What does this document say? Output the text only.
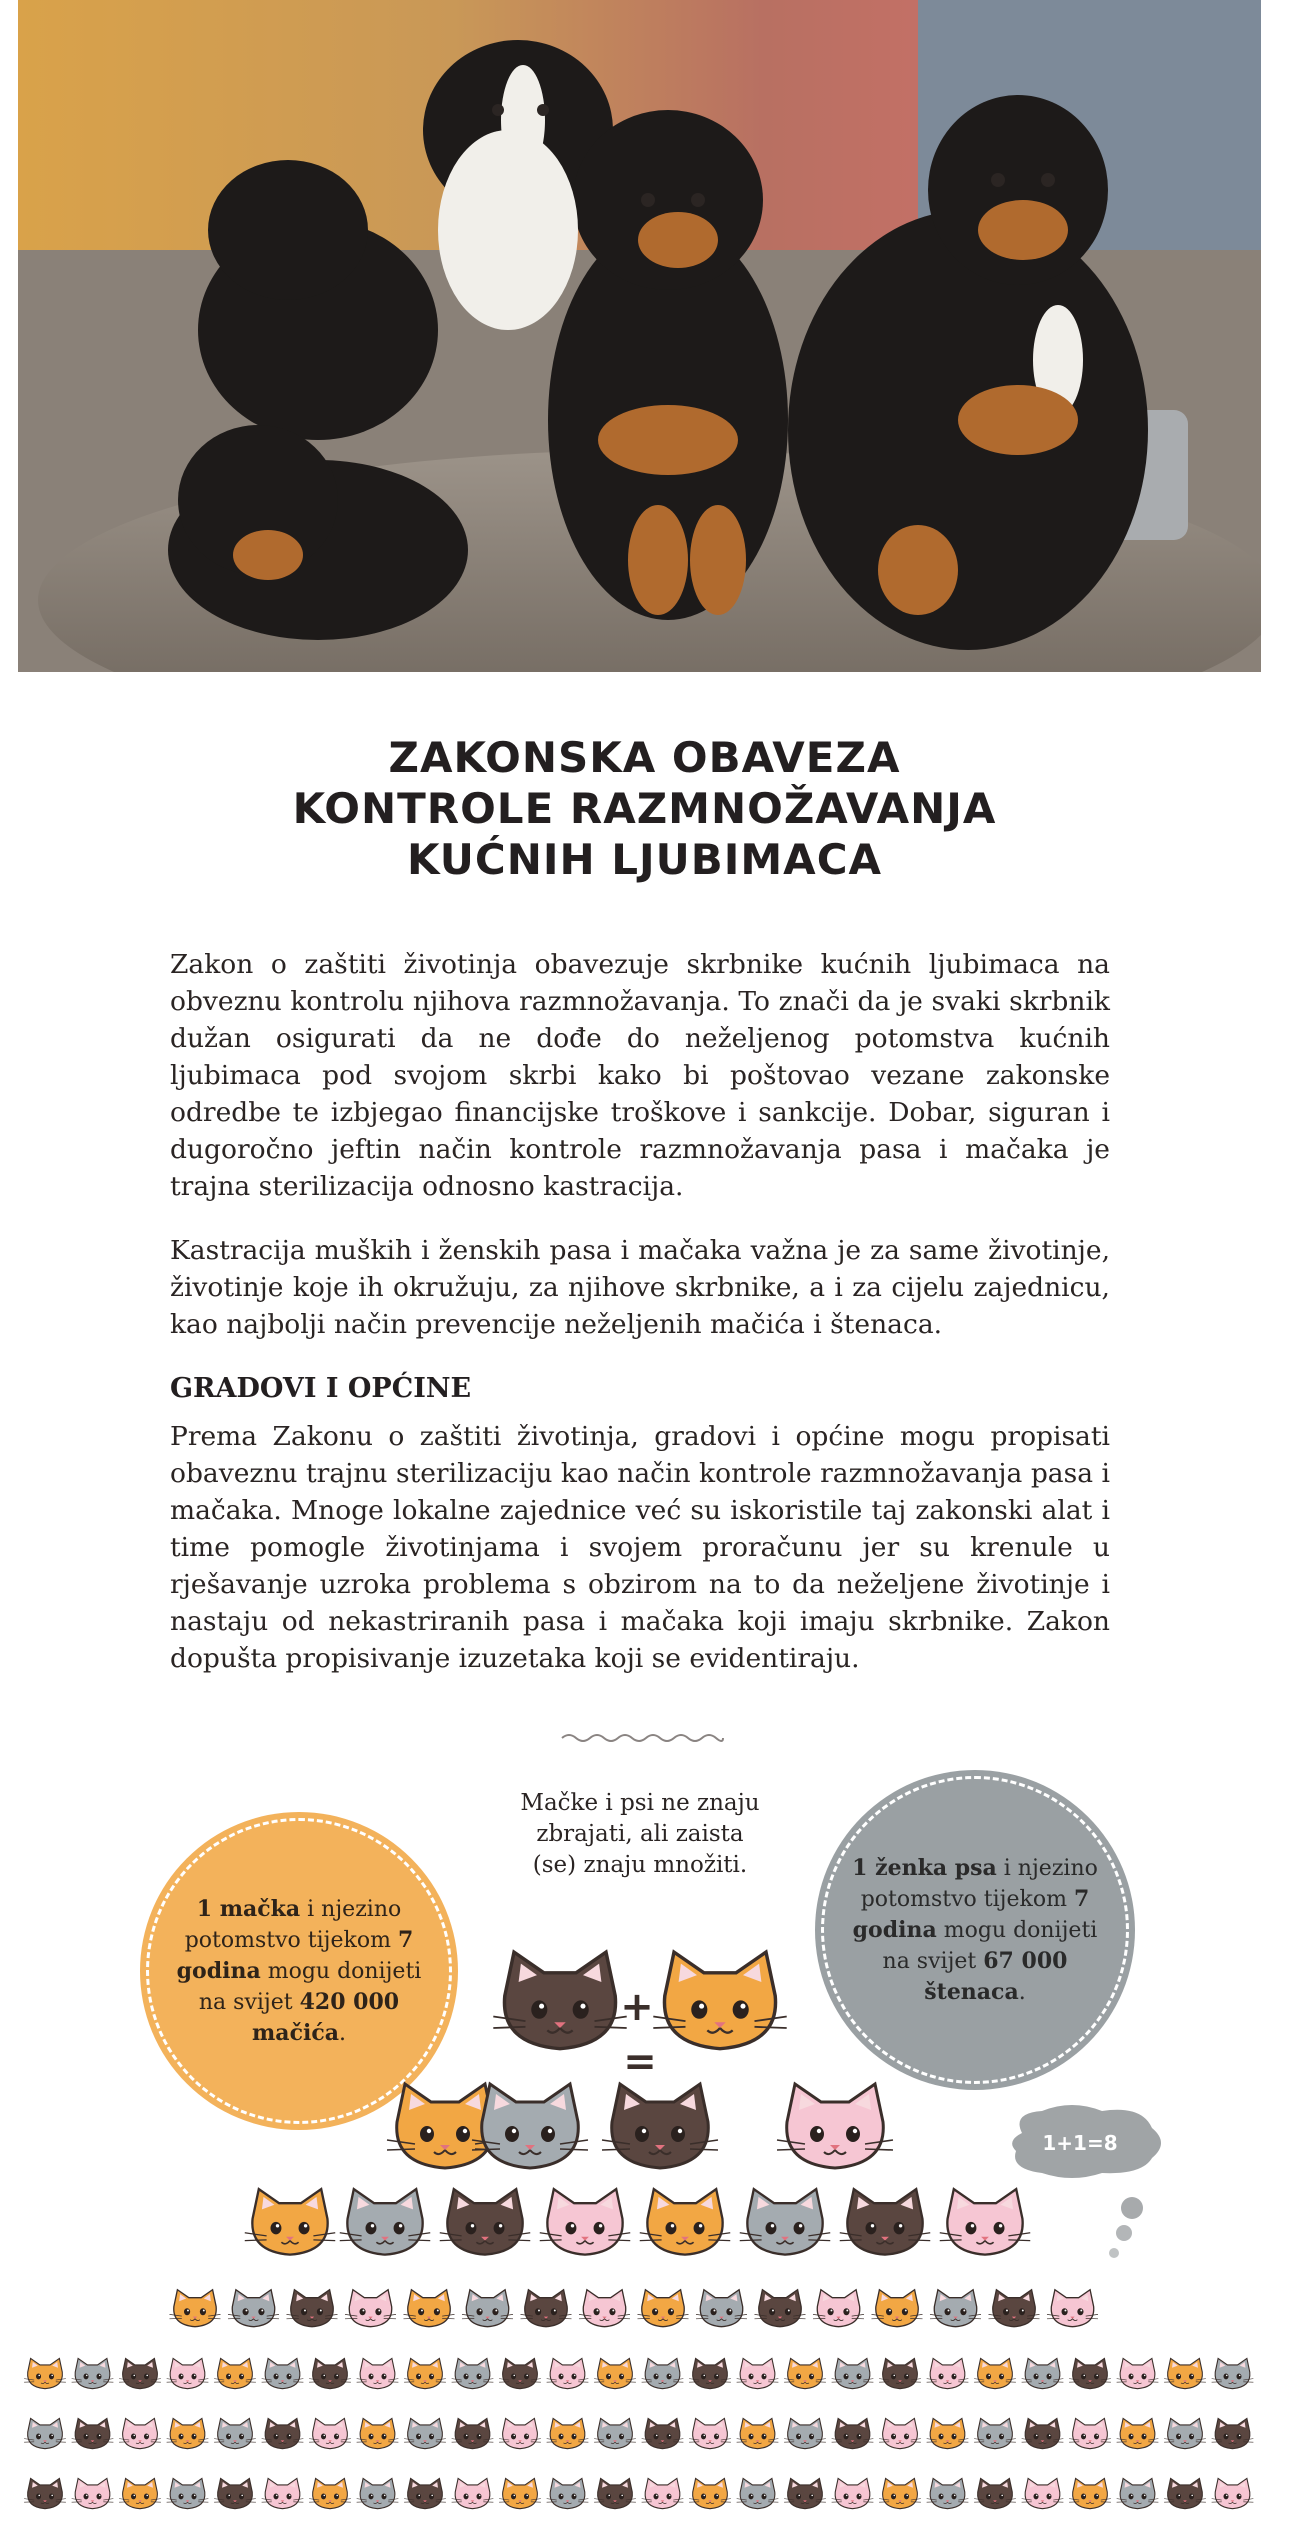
ZAKONSKA OBAVEZA
KONTROLE RAZMNOŽAVANJA
KUĆNIH LJUBIMACA

Zakon o zaštiti životinja obavezuje skrbnike kućnih ljubimaca na obveznu kontrolu njihova razmnožavanja. To znači da je svaki skrbnik dužan osigurati da ne dođe do neželjenog potomstva kućnih ljubimaca pod svojom skrbi kako bi poštovao vezane zakonske odredbe te izbjegao financijske troškove i sankcije. Dobar, siguran i dugoročno jeftin način kontrole razmnožavanja pasa i mačaka je trajna sterilizacija odnosno kastracija.

Kastracija muških i ženskih pasa i mačaka važna je za same životinje, životinje koje ih okružuju, za njihove skrbnike, a i za cijelu zajednicu, kao najbolji način prevencije neželjenih mačića i štenaca.

GRADOVI I OPĆINE

Prema Zakonu o zaštiti životinja, gradovi i općine mogu propisati obaveznu trajnu sterilizaciju kao način kontrole razmnožavanja pasa i mačaka. Mnoge lokalne zajednice već su iskoristile taj zakonski alat i time pomogle životinjama i svojem proračunu jer su krenule u rješavanje uzroka problema s obzirom na to da neželjene životinje i nastaju od nekastriranih pasa i mačaka koji imaju skrbnike. Zakon dopušta propisivanje izuzetaka koji se evidentiraju.

1 mačka i njezino potomstvo tijekom 7 godina mogu donijeti na svijet 420 000 mačića.

Mačke i psi ne znaju zbrajati, ali zaista (se) znaju množiti.	1 ženka psa i njezino potomstvo tijekom 7 godina mogu donijeti na svijet 67 000 štenaca.
1+1=8
+
=
